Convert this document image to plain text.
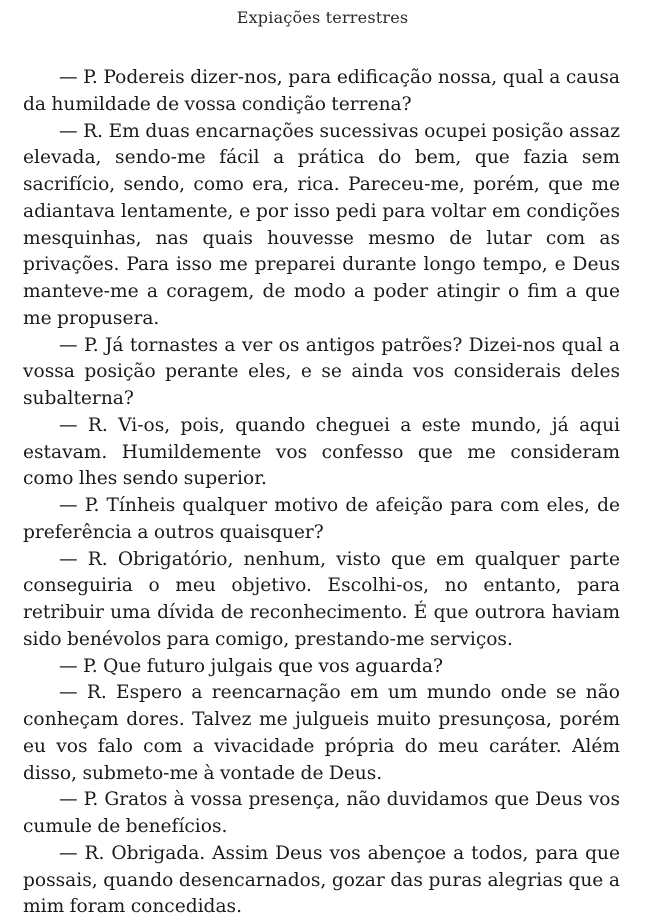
Expiações terrestres

— P. Podereis dizer-nos, para edificação nossa, qual a causa da humildade de vossa condição terrena?

— R. Em duas encarnações sucessivas ocupei posição assaz elevada, sendo-me fácil a prática do bem, que fazia sem sacrifício, sendo, como era, rica. Pareceu-me, porém, que me adiantava lentamente, e por isso pedi para voltar em condições mesquinhas, nas quais houvesse mesmo de lutar com as privações. Para isso me preparei durante longo tempo, e Deus manteve-me a coragem, de modo a poder atingir o fim a que me propusera.

— P. Já tornastes a ver os antigos patrões? Dizei-nos qual a vossa posição perante eles, e se ainda vos considerais deles subalterna?

— R. Vi-os, pois, quando cheguei a este mundo, já aqui estavam. Humildemente vos confesso que me consideram como lhes sendo superior.

— P. Tínheis qualquer motivo de afeição para com eles, de preferência a outros quaisquer?

— R. Obrigatório, nenhum, visto que em qualquer parte conseguiria o meu objetivo. Escolhi-os, no entanto, para retribuir uma dívida de reconhecimento. É que outrora haviam sido benévolos para comigo, prestando-me serviços.

— P. Que futuro julgais que vos aguarda?

— R. Espero a reencarnação em um mundo onde se não conheçam dores. Talvez me julgueis muito presunçosa, porém eu vos falo com a vivacidade própria do meu caráter. Além disso, submeto-me à vontade de Deus.

— P. Gratos à vossa presença, não duvidamos que Deus vos cumule de benefícios.

— R. Obrigada. Assim Deus vos abençoe a todos, para que possais, quando desencarnados, gozar das puras alegrias que a mim foram concedidas.
